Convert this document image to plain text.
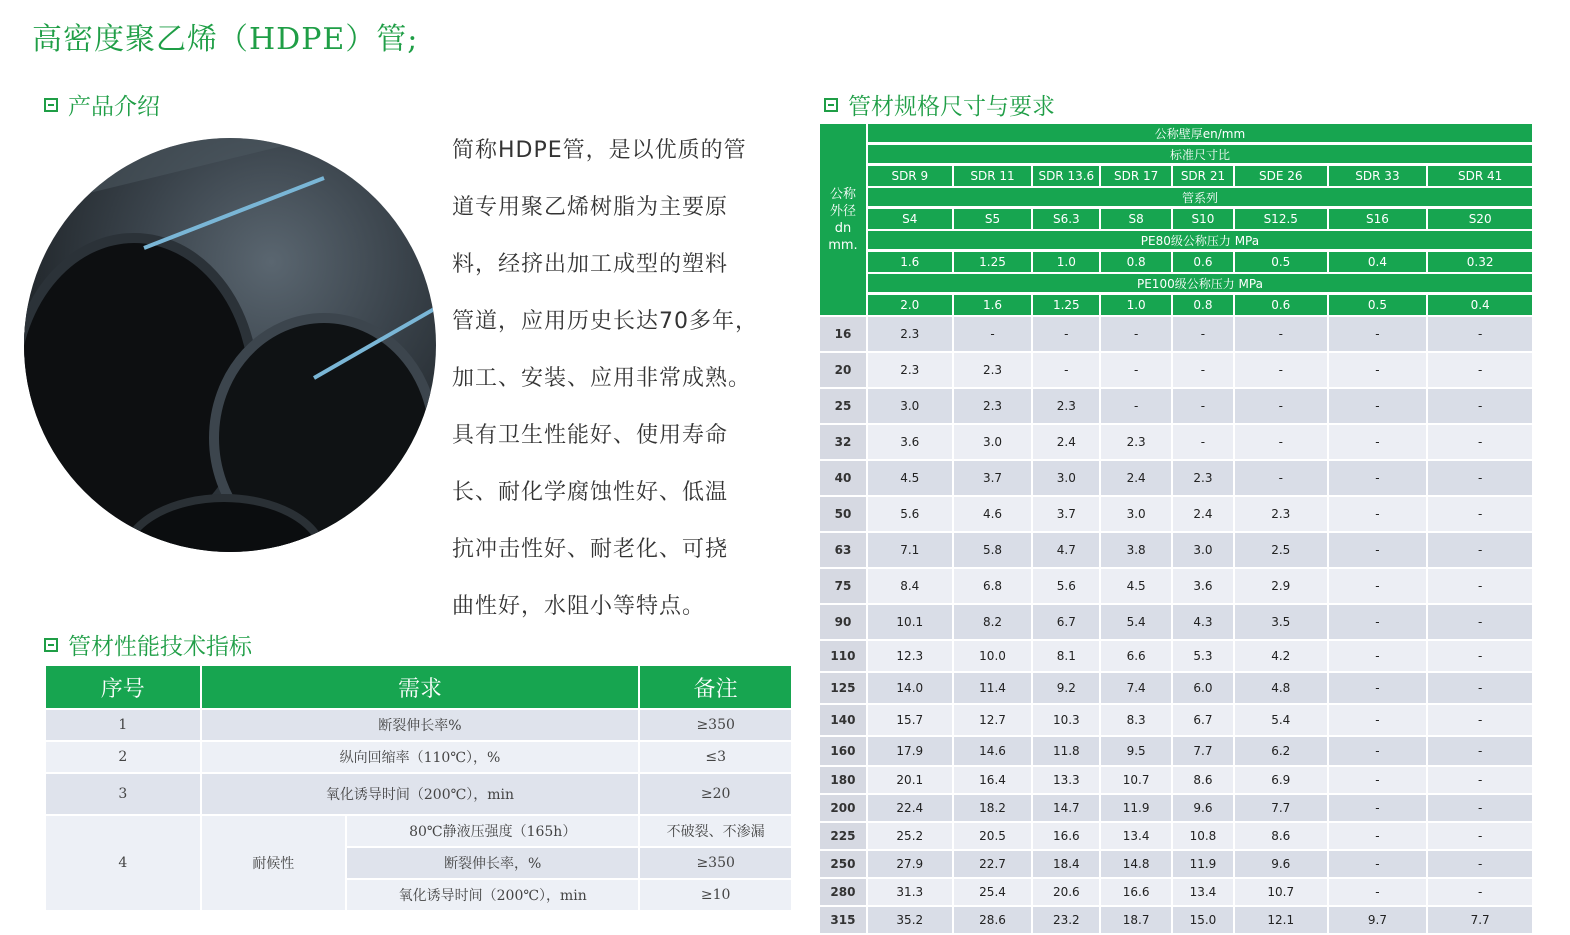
高密度聚乙烯（HDPE）管;
产品介绍
简称HDPE管，是以优质的管
道专用聚乙烯树脂为主要原
料，经挤出加工成型的塑料
管道，应用历史长达70多年，
加工、安装、应用非常成熟。
具有卫生性能好、使用寿命
长、耐化学腐蚀性好、低温
抗冲击性好、耐老化、可挠
曲性好，水阻小等特点。
管材性能技术指标
序号	需求		备注
1	断裂伸长率%		≥350
2	纵向回缩率（110℃），%		≤3
3	氧化诱导时间（200℃），min		≥20
4	耐候性	80℃静液压强度（165h）	不破裂、不渗漏
		断裂伸长率，%	≥350
		氧化诱导时间（200℃），min	≥10
管材规格尺寸与要求
公称
外径
dn
mm.	公称壁厚en/mm							
	标准尺寸比							
	SDR 9	SDR 11	SDR 13.6	SDR 17	SDR 21	SDE 26	SDR 33	SDR 41
	管系列							
	S4	S5	S6.3	S8	S10	S12.5	S16	S20
	PE80级公称压力 MPa							
	1.6	1.25	1.0	0.8	0.6	0.5	0.4	0.32
	PE100级公称压力 MPa							
	2.0	1.6	1.25	1.0	0.8	0.6	0.5	0.4
16	2.3	-	-	-	-	-	-	-
20	2.3	2.3	-	-	-	-	-	-
25	3.0	2.3	2.3	-	-	-	-	-
32	3.6	3.0	2.4	2.3	-	-	-	-
40	4.5	3.7	3.0	2.4	2.3	-	-	-
50	5.6	4.6	3.7	3.0	2.4	2.3	-	-
63	7.1	5.8	4.7	3.8	3.0	2.5	-	-
75	8.4	6.8	5.6	4.5	3.6	2.9	-	-
90	10.1	8.2	6.7	5.4	4.3	3.5	-	-
110	12.3	10.0	8.1	6.6	5.3	4.2	-	-
125	14.0	11.4	9.2	7.4	6.0	4.8	-	-
140	15.7	12.7	10.3	8.3	6.7	5.4	-	-
160	17.9	14.6	11.8	9.5	7.7	6.2	-	-
180	20.1	16.4	13.3	10.7	8.6	6.9	-	-
200	22.4	18.2	14.7	11.9	9.6	7.7	-	-
225	25.2	20.5	16.6	13.4	10.8	8.6	-	-
250	27.9	22.7	18.4	14.8	11.9	9.6	-	-
280	31.3	25.4	20.6	16.6	13.4	10.7	-	-
315	35.2	28.6	23.2	18.7	15.0	12.1	9.7	7.7
